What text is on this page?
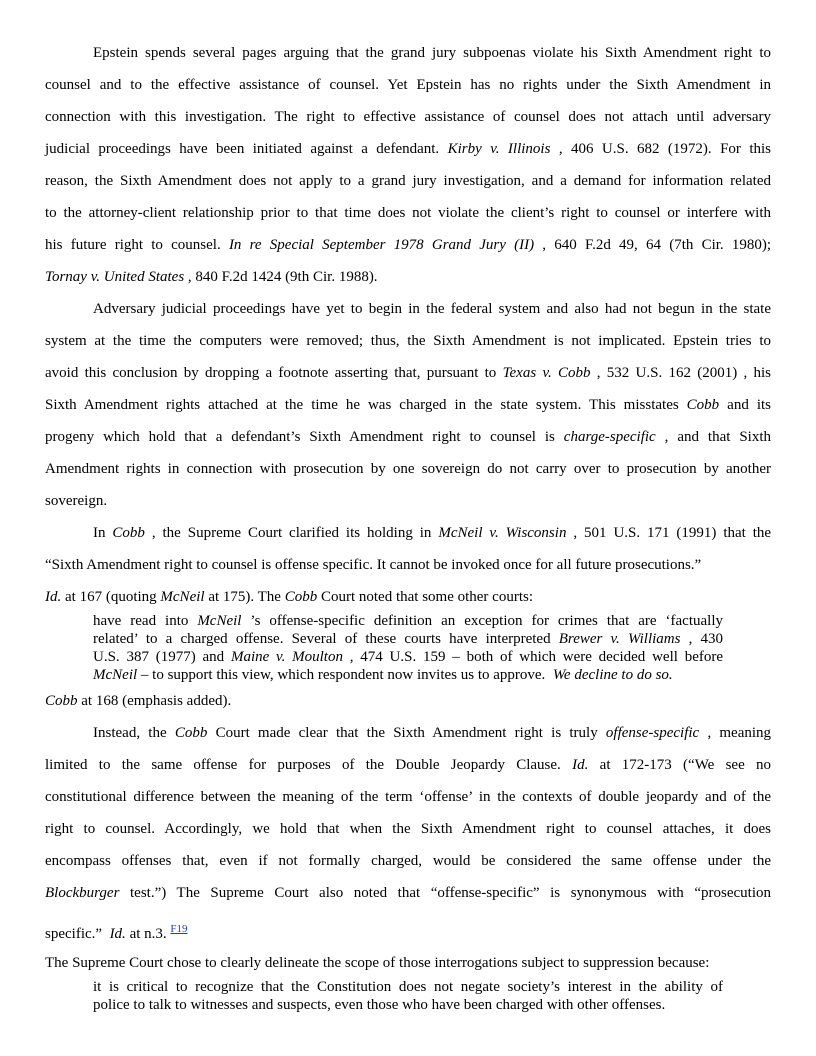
Epstein spends several pages arguing that the grand jury subpoenas violate his Sixth Amendment right to
counsel and to the effective assistance of counsel. Yet Epstein has no rights under the Sixth Amendment in
connection with this investigation. The right to effective assistance of counsel does not attach until adversary
judicial proceedings have been initiated against a defendant. Kirby v. Illinois , 406 U.S. 682 (1972). For this
reason, the Sixth Amendment does not apply to a grand jury investigation, and a demand for information related
to the attorney-client relationship prior to that time does not violate the client’s right to counsel or interfere with
his future right to counsel. In re Special September 1978 Grand Jury (II) , 640 F.2d 49, 64 (7th Cir. 1980);
Tornay v. United States , 840 F.2d 1424 (9th Cir. 1988).
Adversary judicial proceedings have yet to begin in the federal system and also had not begun in the state
system at the time the computers were removed; thus, the Sixth Amendment is not implicated. Epstein tries to
avoid this conclusion by dropping a footnote asserting that, pursuant to Texas v. Cobb , 532 U.S. 162 (2001) , his
Sixth Amendment rights attached at the time he was charged in the state system. This misstates Cobb and its
progeny which hold that a defendant’s Sixth Amendment right to counsel is charge-specific , and that Sixth
Amendment rights in connection with prosecution by one sovereign do not carry over to prosecution by another
sovereign.
In Cobb , the Supreme Court clarified its holding in McNeil v. Wisconsin , 501 U.S. 171 (1991) that the
“Sixth Amendment right to counsel is offense specific. It cannot be invoked once for all future prosecutions.”
Id. at 167 (quoting McNeil at 175). The Cobb Court noted that some other courts:
have read into McNeil ’s offense-specific definition an exception for crimes that are ‘factually
related’ to a charged offense. Several of these courts have interpreted Brewer v. Williams , 430
U.S. 387 (1977) and Maine v. Moulton , 474 U.S. 159 – both of which were decided well before
McNeil – to support this view, which respondent now invites us to approve. We decline to do so.
Cobb at 168 (emphasis added).
Instead, the Cobb Court made clear that the Sixth Amendment right is truly offense-specific , meaning
limited to the same offense for purposes of the Double Jeopardy Clause. Id. at 172-173 (“We see no
constitutional difference between the meaning of the term ‘offense’ in the contexts of double jeopardy and of the
right to counsel. Accordingly, we hold that when the Sixth Amendment right to counsel attaches, it does
encompass offenses that, even if not formally charged, would be considered the same offense under the
Blockburger test.”) The Supreme Court also noted that “offense-specific” is synonymous with “prosecution
specific.” Id. at n.3. $^{F19}$
The Supreme Court chose to clearly delineate the scope of those interrogations subject to suppression because:
it is critical to recognize that the Constitution does not negate society’s interest in the ability of
police to talk to witnesses and suspects, even those who have been charged with other offenses.
